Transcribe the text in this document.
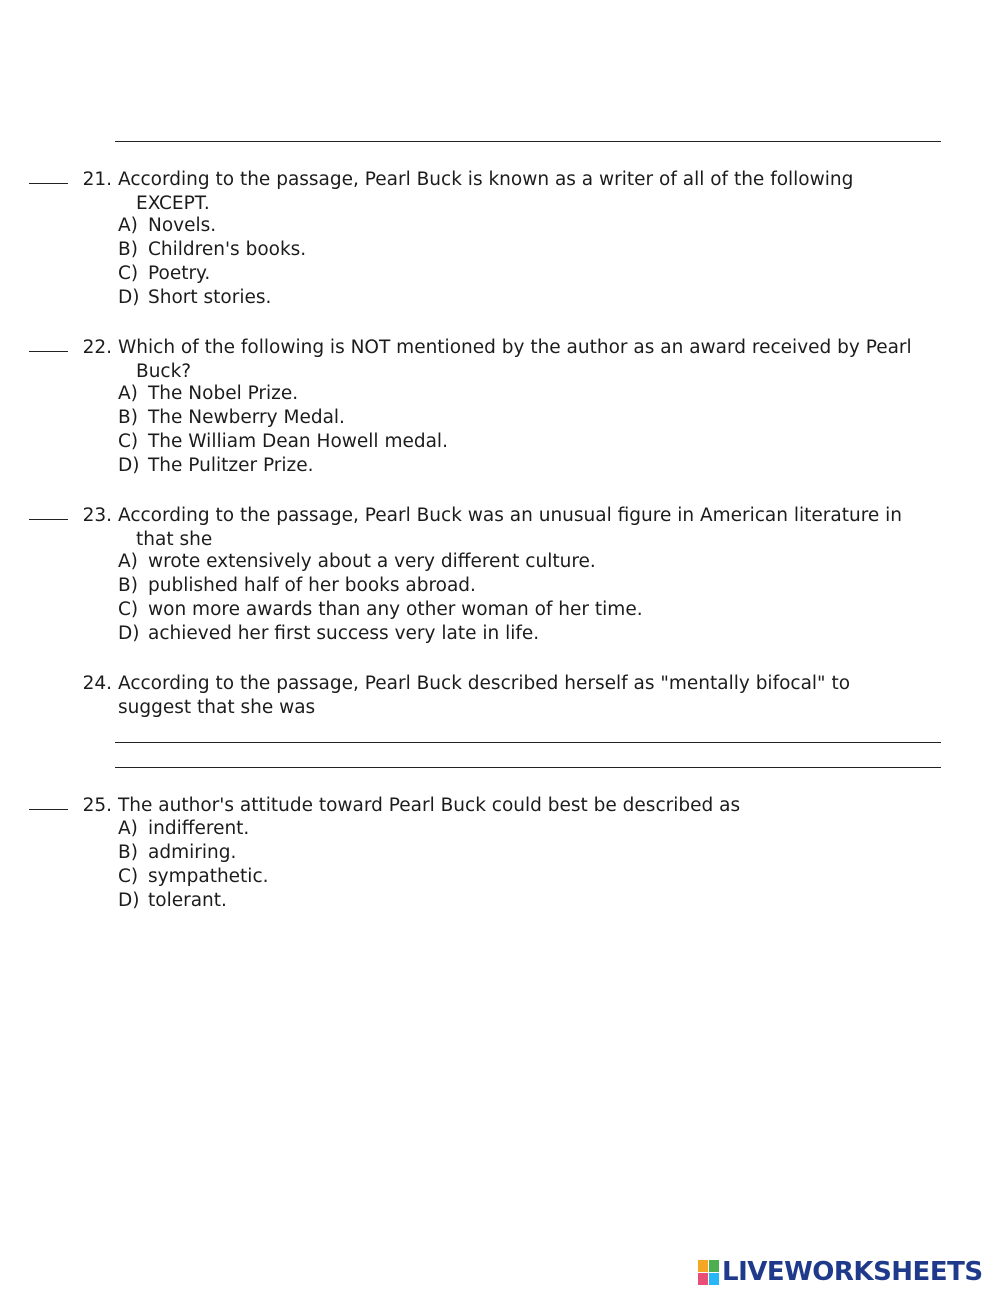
21. According to the passage, Pearl Buck is known as a writer of all of the following
EXCEPT.
A) Novels.
B) Children's books.
C) Poetry.
D) Short stories.
22. Which of the following is NOT mentioned by the author as an award received by Pearl
Buck?
A) The Nobel Prize.
B) The Newberry Medal.
C) The William Dean Howell medal.
D) The Pulitzer Prize.
23. According to the passage, Pearl Buck was an unusual figure in American literature in
that she
A) wrote extensively about a very different culture.
B) published half of her books abroad.
C) won more awards than any other woman of her time.
D) achieved her first success very late in life.
24. According to the passage, Pearl Buck described herself as "mentally bifocal" to
suggest that she was
25. The author's attitude toward Pearl Buck could best be described as
A) indifferent.
B) admiring.
C) sympathetic.
D) tolerant.
LIVEWORKSHEETS
